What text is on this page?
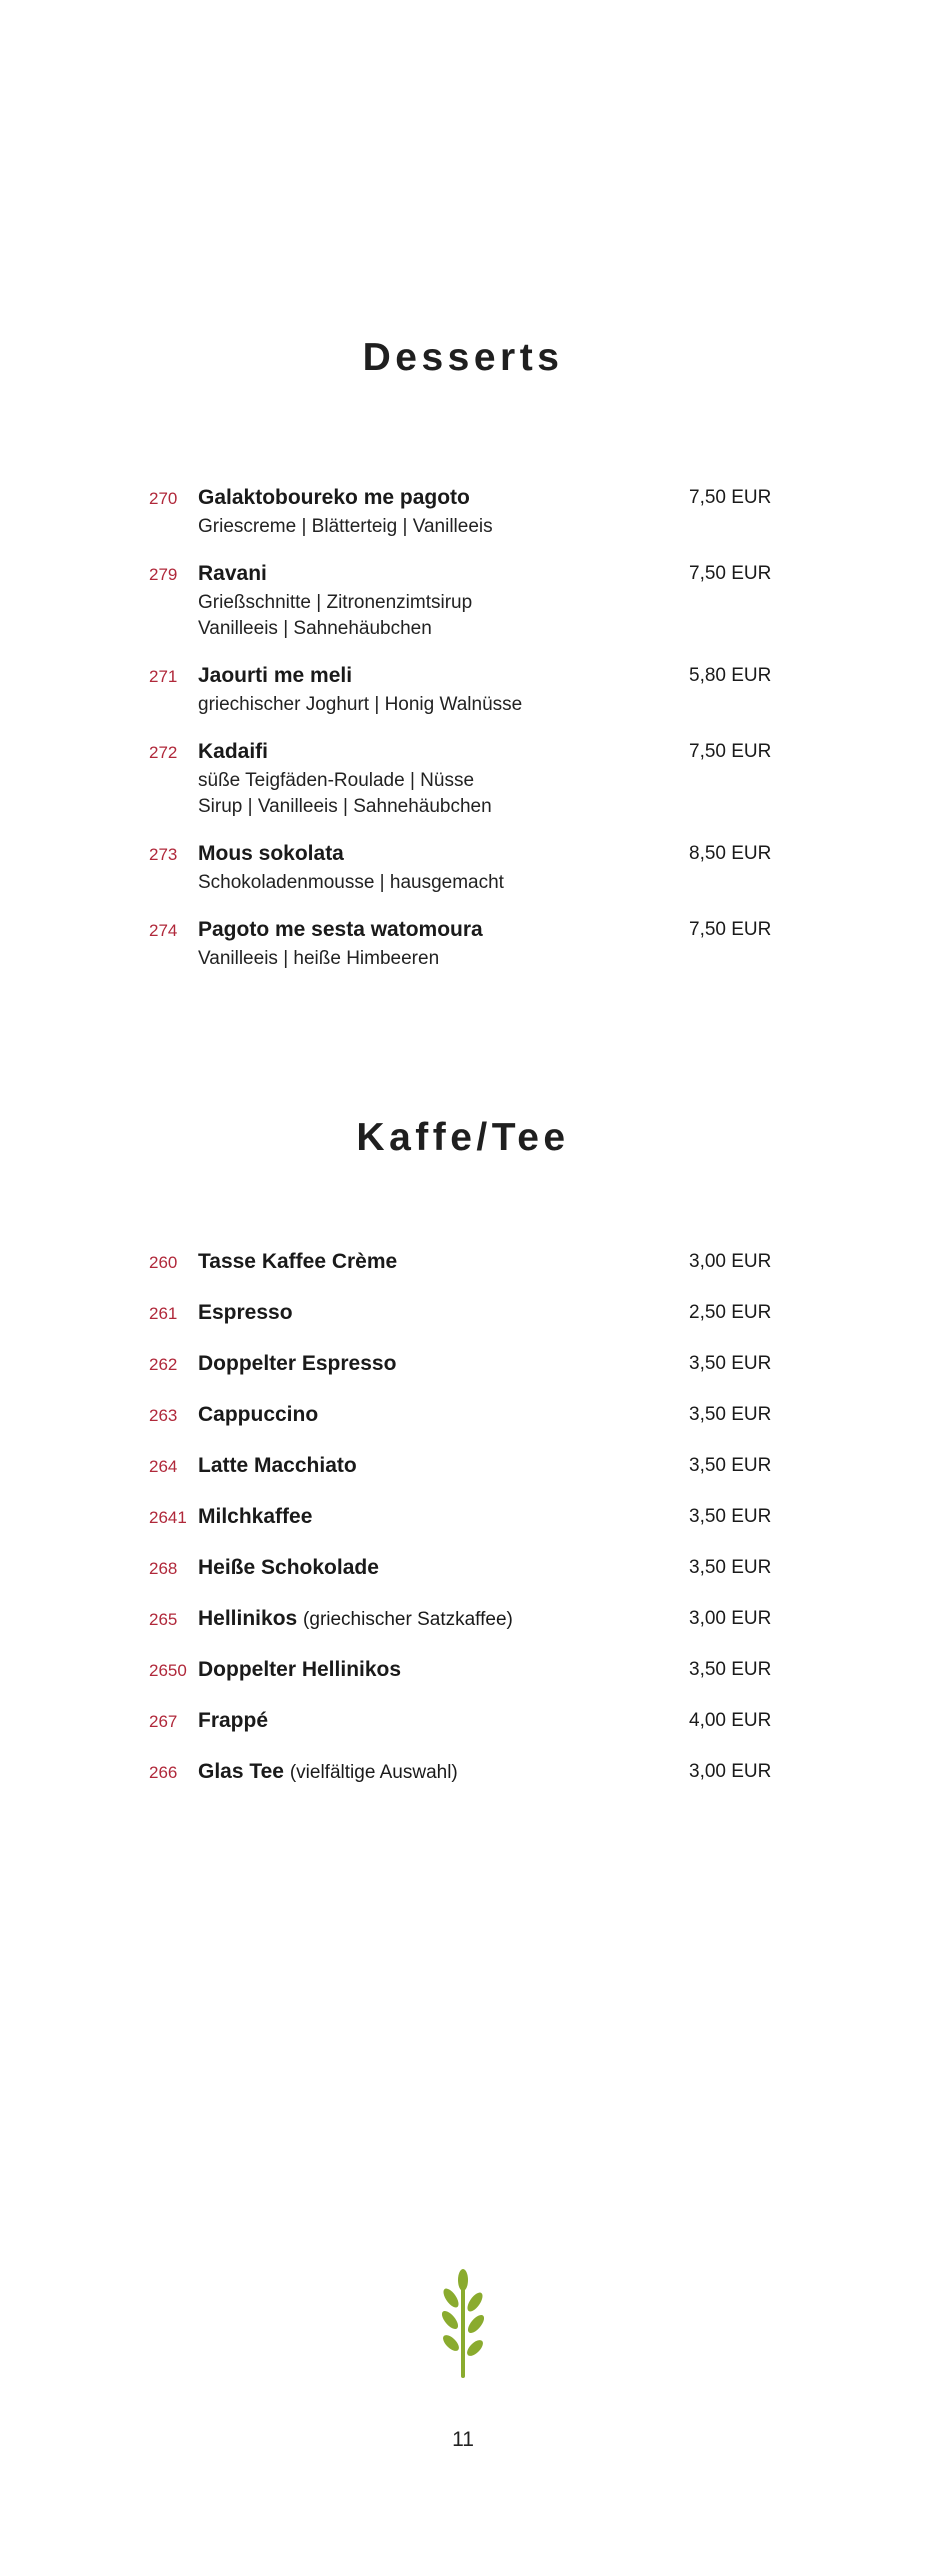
Desserts
270 Galaktoboureko me pagoto
Griescreme | Blätterteig | Vanilleeis
7,50 EUR
279 Ravani
Grießschnitte | Zitronenzimtsirup
Vanilleeis | Sahnehäubchen
7,50 EUR
271 Jaourti me meli
griechischer Joghurt | Honig Walnüsse
5,80 EUR
272 Kadaifi
süße Teigfäden-Roulade | Nüsse
Sirup | Vanilleeis | Sahnehäubchen
7,50 EUR
273 Mous sokolata
Schokoladenmousse | hausgemacht
8,50 EUR
274 Pagoto me sesta watomoura
Vanilleeis | heiße Himbeeren
7,50 EUR
Kaffe/Tee
260 Tasse Kaffee Crème	3,00 EUR
261 Espresso	2,50 EUR
262 Doppelter Espresso	3,50 EUR
263 Cappuccino	3,50 EUR
264 Latte Macchiato	3,50 EUR
2641 Milchkaffee	3,50 EUR
268 Heiße Schokolade	3,50 EUR
265 Hellinikos (griechischer Satzkaffee)	3,00 EUR
2650 Doppelter Hellinikos	3,50 EUR
267 Frappé	4,00 EUR
266 Glas Tee (vielfältige Auswahl)	3,00 EUR
11
